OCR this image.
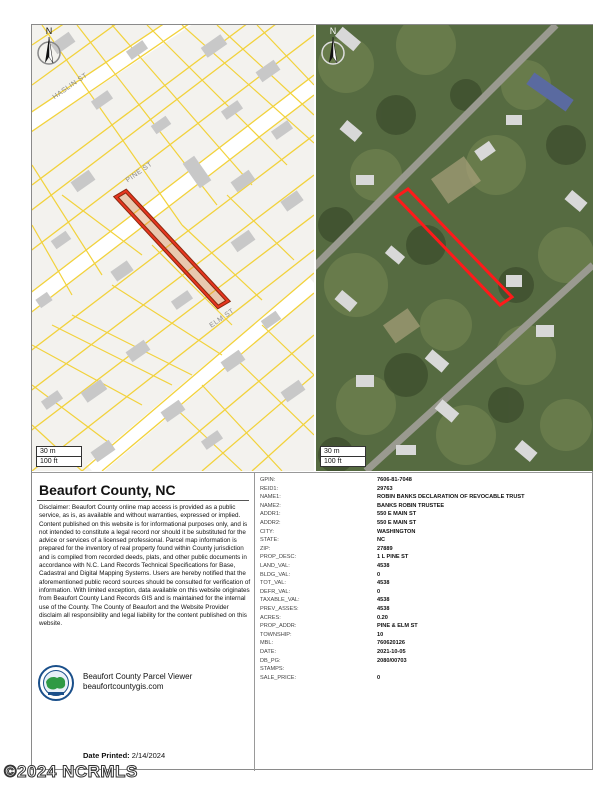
HASLIN ST
PINE ST
ELM ST
30 m
100 ft
N
30 m
100 ft
N
Beaufort County, NC
Disclaimer: Beaufort County online map access is provided as a public service, as is, as available and without warranties, expressed or implied. Content published on this website is for informational purposes only, and is not intended to constitute a legal record nor should it be substituted for the advice or services of a licensed professional. Parcel map information is prepared for the inventory of real property found within County jurisdiction and is compiled from recorded deeds, plats, and other public documents in accordance with N.C. Land Records Technical Specifications for Base, Cadastral and Digital Mapping Systems. Users are hereby notified that the aforementioned public record sources should be consulted for verification of information. With limited exception, data available on this website originates from Beaufort County Land Records GIS and is maintained for the internal use of the County. The County of Beaufort and the Website Provider disclaim all responsibility and legal liability for the content published on this website.
Beaufort County Parcel Viewer
beaufortcountygis.com
Date Printed: 2/14/2024
GPIN:	7606-81-7048
REID1:	29763
NAME1:	ROBIN BANKS DECLARATION OF REVOCABLE TRUST
NAME2:	BANKS ROBIN TRUSTEE
ADDR1:	550 E MAIN ST
ADDR2:	550 E MAIN ST
CITY:	WASHINGTON
STATE:	NC
ZIP:	27889
PROP_DESC:	1 L PINE ST
LAND_VAL:	4538
BLDG_VAL:	0
TOT_VAL:	4538
DEFR_VAL:	0
TAXABLE_VAL:	4538
PREV_ASSES:	4538
ACRES:	0.20
PROP_ADDR:	PINE & ELM ST
TOWNSHIP:	10
MBL:	760620126
DATE:	2021-10-05
DB_PG:	2080/00703
STAMPS:
SALE_PRICE:	0
©2024 NCRMLS
